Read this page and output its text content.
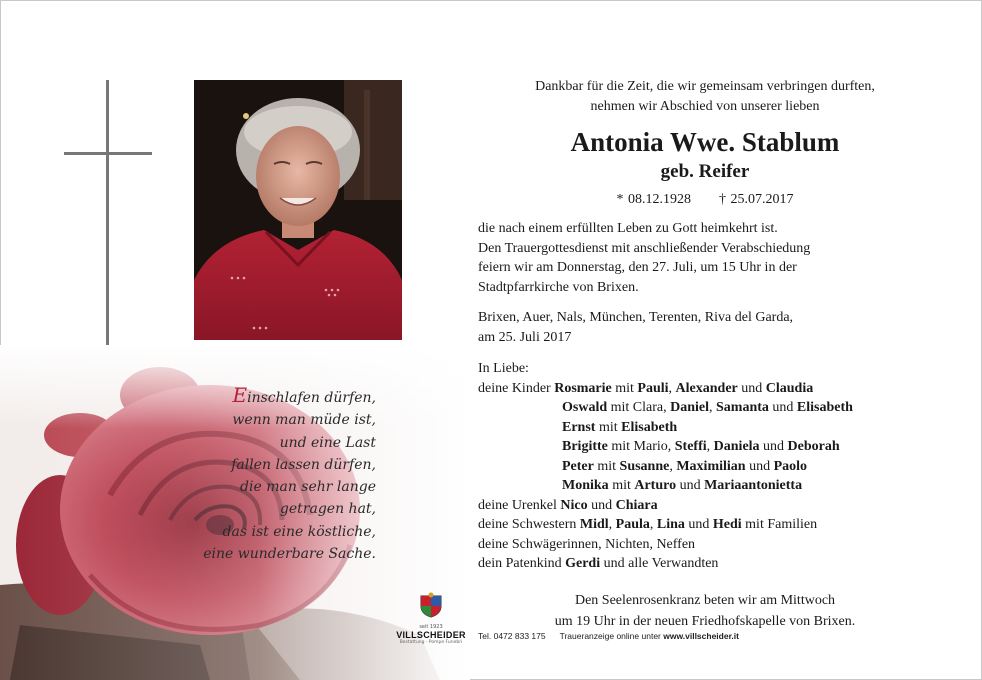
Einschlafen dürfen,
wenn man müde ist,
und eine Last
fallen lassen dürfen,
die man sehr lange
getragen hat,
das ist eine köstliche,
eine wunderbare Sache.
Dankbar für die Zeit, die wir gemeinsam verbringen durften,
nehmen wir Abschied von unserer lieben
Antonia Wwe. Stablum
geb. Reifer
* 08.12.1928 † 25.07.2017
die nach einem erfüllten Leben zu Gott heimkehrt ist.
Den Trauergottesdienst mit anschließender Verabschiedung
feiern wir am Donnerstag, den 27. Juli, um 15 Uhr in der
Stadtpfarrkirche von Brixen.
Brixen, Auer, Nals, München, Terenten, Riva del Garda,
am 25. Juli 2017
In Liebe:
deine Kinder Rosmarie mit Pauli, Alexander und Claudia
Oswald mit Clara, Daniel, Samanta und Elisabeth
Ernst mit Elisabeth
Brigitte mit Mario, Steffi, Daniela und Deborah
Peter mit Susanne, Maximilian und Paolo
Monika mit Arturo und Mariaantonietta
deine Urenkel Nico und Chiara
deine Schwestern Midl, Paula, Lina und Hedi mit Familien
deine Schwägerinnen, Nichten, Neffen
dein Patenkind Gerdi und alle Verwandten
Den Seelenrosenkranz beten wir am Mittwoch
um 19 Uhr in der neuen Friedhofskapelle von Brixen.
seit 1923
VILLSCHEIDER
Bestattung · Pompe Funebri
Tel. 0472 833 175 Traueranzeige online unter www.villscheider.it
